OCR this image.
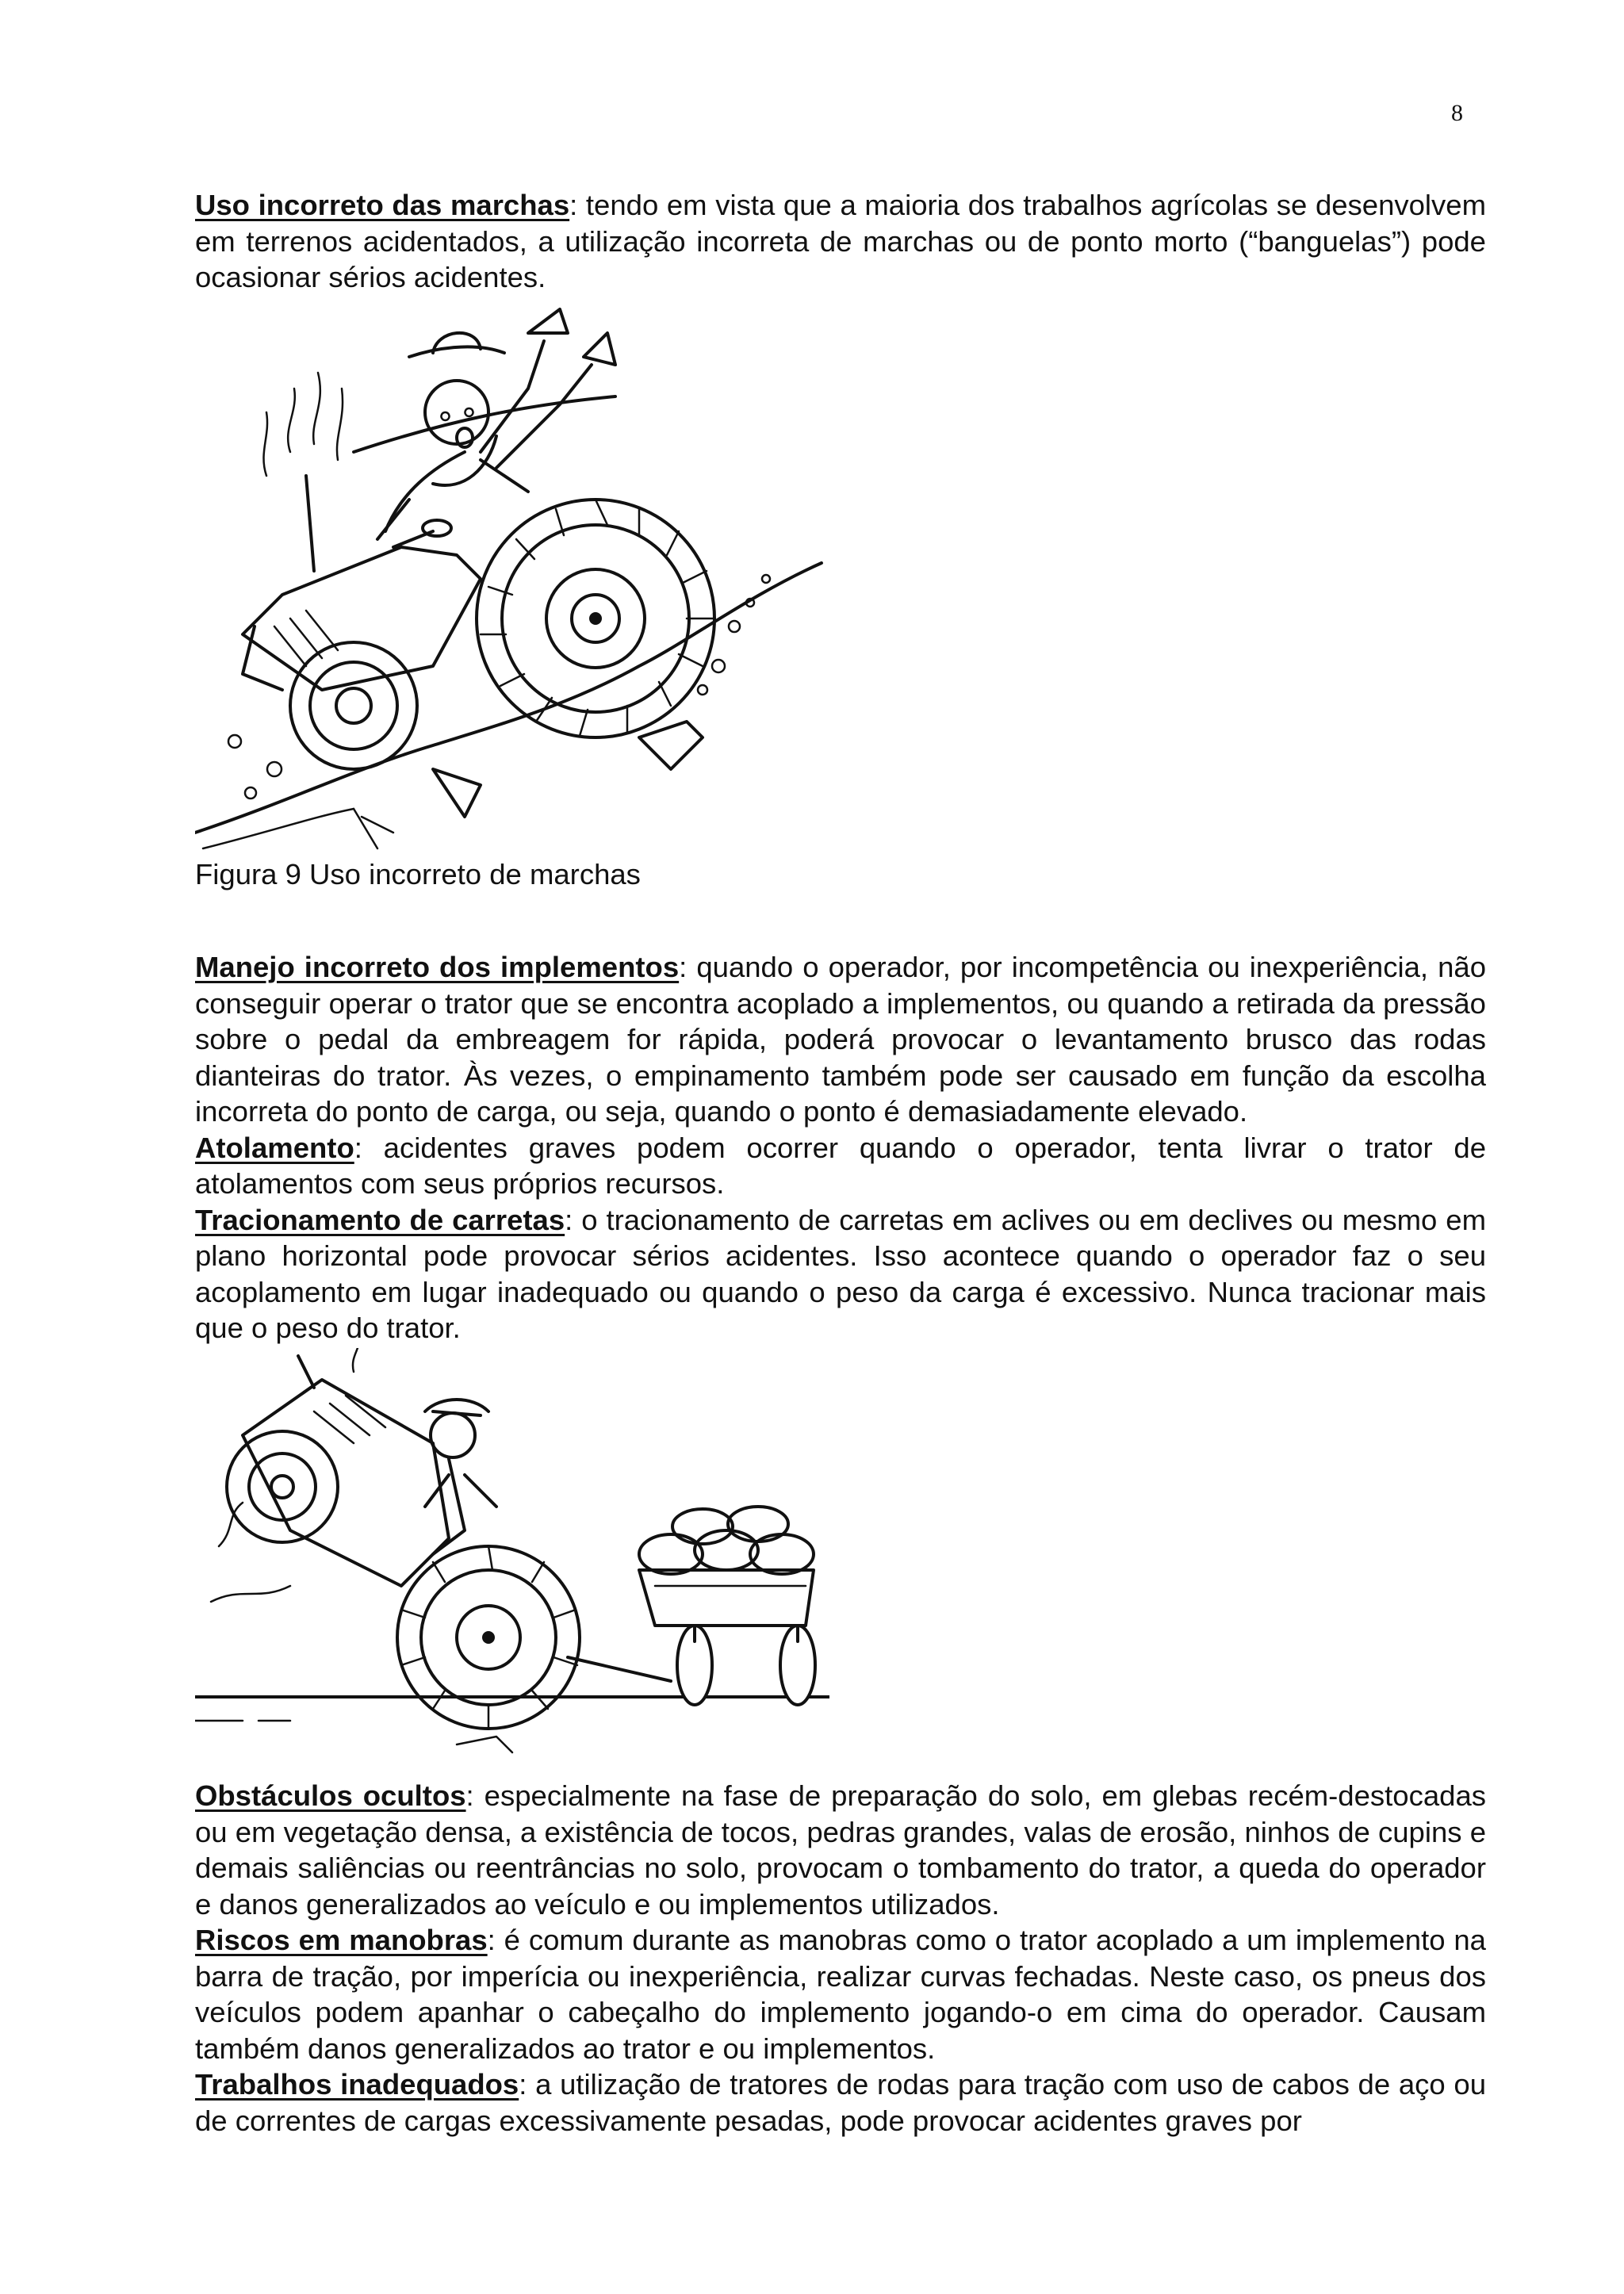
8

Uso incorreto das marchas: tendo em vista que a maioria dos trabalhos agrícolas se desenvolvem em terrenos acidentados, a utilização incorreta de marchas ou de ponto morto (“banguelas”) pode ocasionar sérios acidentes.

Figura 9 Uso incorreto de marchas

Manejo incorreto dos implementos: quando o operador, por incompetência ou inexperiência, não conseguir operar o trator que se encontra acoplado a implementos, ou quando a retirada da pressão sobre o pedal da embreagem for rápida, poderá provocar o levantamento brusco das rodas dianteiras do trator. Às vezes, o empinamento também pode ser causado em função da escolha incorreta do ponto de carga, ou seja, quando o ponto é demasiadamente elevado.

Atolamento: acidentes graves podem ocorrer quando o operador, tenta livrar o trator de atolamentos com seus próprios recursos.

Tracionamento de carretas: o tracionamento de carretas em aclives ou em declives ou mesmo em plano horizontal pode provocar sérios acidentes. Isso acontece quando o operador faz o seu acoplamento em lugar inadequado ou quando o peso da carga é excessivo. Nunca tracionar mais que o peso do trator.

Obstáculos ocultos: especialmente na fase de preparação do solo, em glebas recém-destocadas ou em vegetação densa, a existência de tocos, pedras grandes, valas de erosão, ninhos de cupins e demais saliências ou reentrâncias no solo, provocam o tombamento do trator, a queda do operador e danos generalizados ao veículo e ou implementos utilizados.

Riscos em manobras: é comum durante as manobras como o trator acoplado a um implemento na barra de tração, por imperícia ou inexperiência, realizar curvas fechadas. Neste caso, os pneus dos veículos podem apanhar o cabeçalho do implemento jogando-o em cima do operador. Causam também danos generalizados ao trator e ou implementos.

Trabalhos inadequados: a utilização de tratores de rodas para tração com uso de cabos de aço ou de correntes de cargas excessivamente pesadas, pode provocar acidentes graves por
